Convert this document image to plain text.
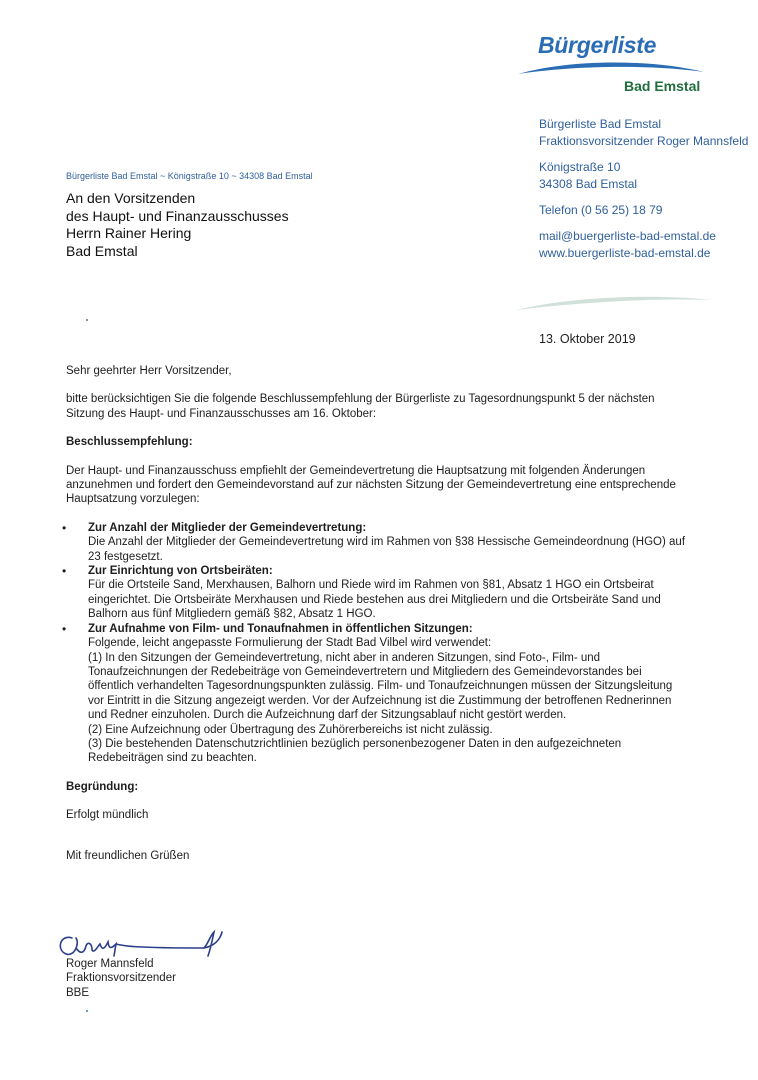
Bürgerliste
Bad Emstal
Bürgerliste Bad Emstal
Fraktionsvorsitzender Roger Mannsfeld
Königstraße 10
34308 Bad Emstal
Telefon (0 56 25) 18 79
mail@buergerliste-bad-emstal.de
www.buergerliste-bad-emstal.de
Bürgerliste Bad Emstal ~ Königstraße 10 ~ 34308 Bad Emstal
An den Vorsitzenden
des Haupt- und Finanzausschusses
Herrn Rainer Hering
Bad Emstal
13. Oktober 2019

Sehr geehrter Herr Vorsitzender,

bitte berücksichtigen Sie die folgende Beschlussempfehlung der Bürgerliste zu Tagesordnungspunkt 5 der nächsten Sitzung des Haupt- und Finanzausschusses am 16. Oktober:

Beschlussempfehlung:

Der Haupt- und Finanzausschuss empfiehlt der Gemeindevertretung die Hauptsatzung mit folgenden Änderungen anzunehmen und fordert den Gemeindevorstand auf zur nächsten Sitzung der Gemeindevertretung eine entsprechende Hauptsatzung vorzulegen:

• Zur Anzahl der Mitglieder der Gemeindevertretung:
Die Anzahl der Mitglieder der Gemeindevertretung wird im Rahmen von §38 Hessische Gemeindeordnung (HGO) auf 23 festgesetzt.
• Zur Einrichtung von Ortsbeiräten:
Für die Ortsteile Sand, Merxhausen, Balhorn und Riede wird im Rahmen von §81, Absatz 1 HGO ein Ortsbeirat eingerichtet. Die Ortsbeiräte Merxhausen und Riede bestehen aus drei Mitgliedern und die Ortsbeiräte Sand und Balhorn aus fünf Mitgliedern gemäß §82, Absatz 1 HGO.
• Zur Aufnahme von Film- und Tonaufnahmen in öffentlichen Sitzungen:
Folgende, leicht angepasste Formulierung der Stadt Bad Vilbel wird verwendet:
(1) In den Sitzungen der Gemeindevertretung, nicht aber in anderen Sitzungen, sind Foto-, Film- und Tonaufzeichnungen der Redebeiträge von Gemeindevertretern und Mitgliedern des Gemeindevorstandes bei öffentlich verhandelten Tagesordnungspunkten zulässig. Film- und Tonaufzeichnungen müssen der Sitzungsleitung vor Eintritt in die Sitzung angezeigt werden. Vor der Aufzeichnung ist die Zustimmung der betroffenen Rednerinnen und Redner einzuholen. Durch die Aufzeichnung darf der Sitzungsablauf nicht gestört werden.
(2) Eine Aufzeichnung oder Übertragung des Zuhörerbereichs ist nicht zulässig.
(3) Die bestehenden Datenschutzrichtlinien bezüglich personenbezogener Daten in den aufgezeichneten Redebeiträgen sind zu beachten.

Begründung:

Erfolgt mündlich

Mit freundlichen Grüßen

Roger Mannsfeld
Fraktionsvorsitzender
BBE
